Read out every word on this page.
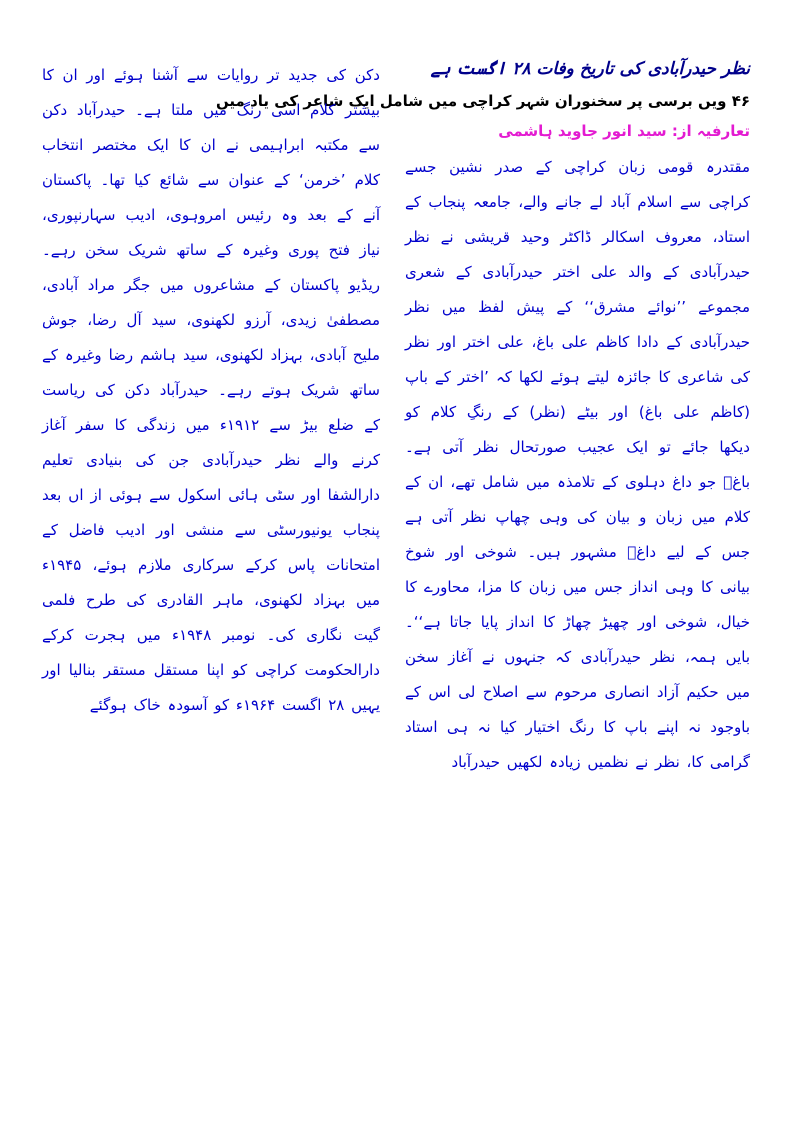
نظر حیدرآبادی کی تاریخ وفات ۲۸ اگست ہے
۴۶ ویں برسی پر سخنوران شہر کراچی میں شامل ایک شاعر کی یاد میں
تعارفیہ از: سید انور جاوید ہاشمی

مقتدرہ قومی زبان کراچی کے صدر نشین جسے کراچی سے اسلام آباد لے جانے والے، جامعہ پنجاب کے استاد، معروف اسکالر ڈاکٹر وحید قریشی نے نظر حیدرآبادی کے والد علی اختر حیدرآبادی کے شعری مجموعے ’’نوائے مشرق‘‘ کے پیش لفظ میں نظر حیدرآبادی کے دادا کاظم علی باغ، علی اختر اور نظر کی شاعری کا جائزہ لیتے ہوئے لکھا کہ ’اختر کے باپ (کاظم علی باغ) اور بیٹے (نظر) کے رنگِ کلام کو دیکھا جائے تو ایک عجیب صورتحال نظر آتی ہے۔ باغؔ جو داغ دہلوی کے تلامذہ میں شامل تھے، ان کے کلام میں زبان و بیان کی وہی چھاپ نظر آتی ہے جس کے لیے داغؔ مشہور ہیں۔ شوخی اور شوخ بیانی کا وہی انداز جس میں زبان کا مزا، محاورے کا خیال، شوخی اور چھیڑ چھاڑ کا انداز پایا جاتا ہے‘‘۔ بایں ہمہ، نظر حیدرآبادی کہ جنہوں نے آغاز سخن میں حکیم آزاد انصاری مرحوم سے اصلاح لی اس کے باوجود نہ اپنے باپ کا رنگ اختیار کیا نہ ہی استاد گرامی کا، نظر نے نظمیں زیادہ لکھیں حیدرآباد

دکن کی جدید تر روایات سے آشنا ہوئے اور ان کا بیشتر کلام اسی رنگ میں ملتا ہے۔ حیدرآباد دکن سے مکتبہ ابراہیمی نے ان کا ایک مختصر انتخاب کلام ’خرمن‘ کے عنوان سے شائع کیا تھا۔ پاکستان آنے کے بعد وہ رئیس امروہوی، ادیب سہارنپوری، نیاز فتح پوری وغیرہ کے ساتھ شریک سخن رہے۔ ریڈیو پاکستان کے مشاعروں میں جگر مراد آبادی، مصطفیٰ زیدی، آرزو لکھنوی، سید آل رضا، جوش ملیح آبادی، بہزاد لکھنوی، سید ہاشم رضا وغیرہ کے ساتھ شریک ہوتے رہے۔ حیدرآباد دکن کی ریاست کے ضلع بیڑ سے ۱۹۱۲ء میں زندگی کا سفر آغاز کرنے والے نظر حیدرآبادی جن کی بنیادی تعلیم دارالشفا اور سٹی ہائی اسکول سے ہوئی از اں بعد پنجاب یونیورسٹی سے منشی اور ادیب فاضل کے امتحانات پاس کرکے سرکاری ملازم ہوئے، ۱۹۴۵ء میں بہزاد لکھنوی، ماہر القادری کی طرح فلمی گیت نگاری کی۔ نومبر ۱۹۴۸ء میں ہجرت کرکے دارالحکومت کراچی کو اپنا مستقل مستقر بنالیا اور یہیں ۲۸ اگست ۱۹۶۴ء کو آسودہ خاک ہوگئے
